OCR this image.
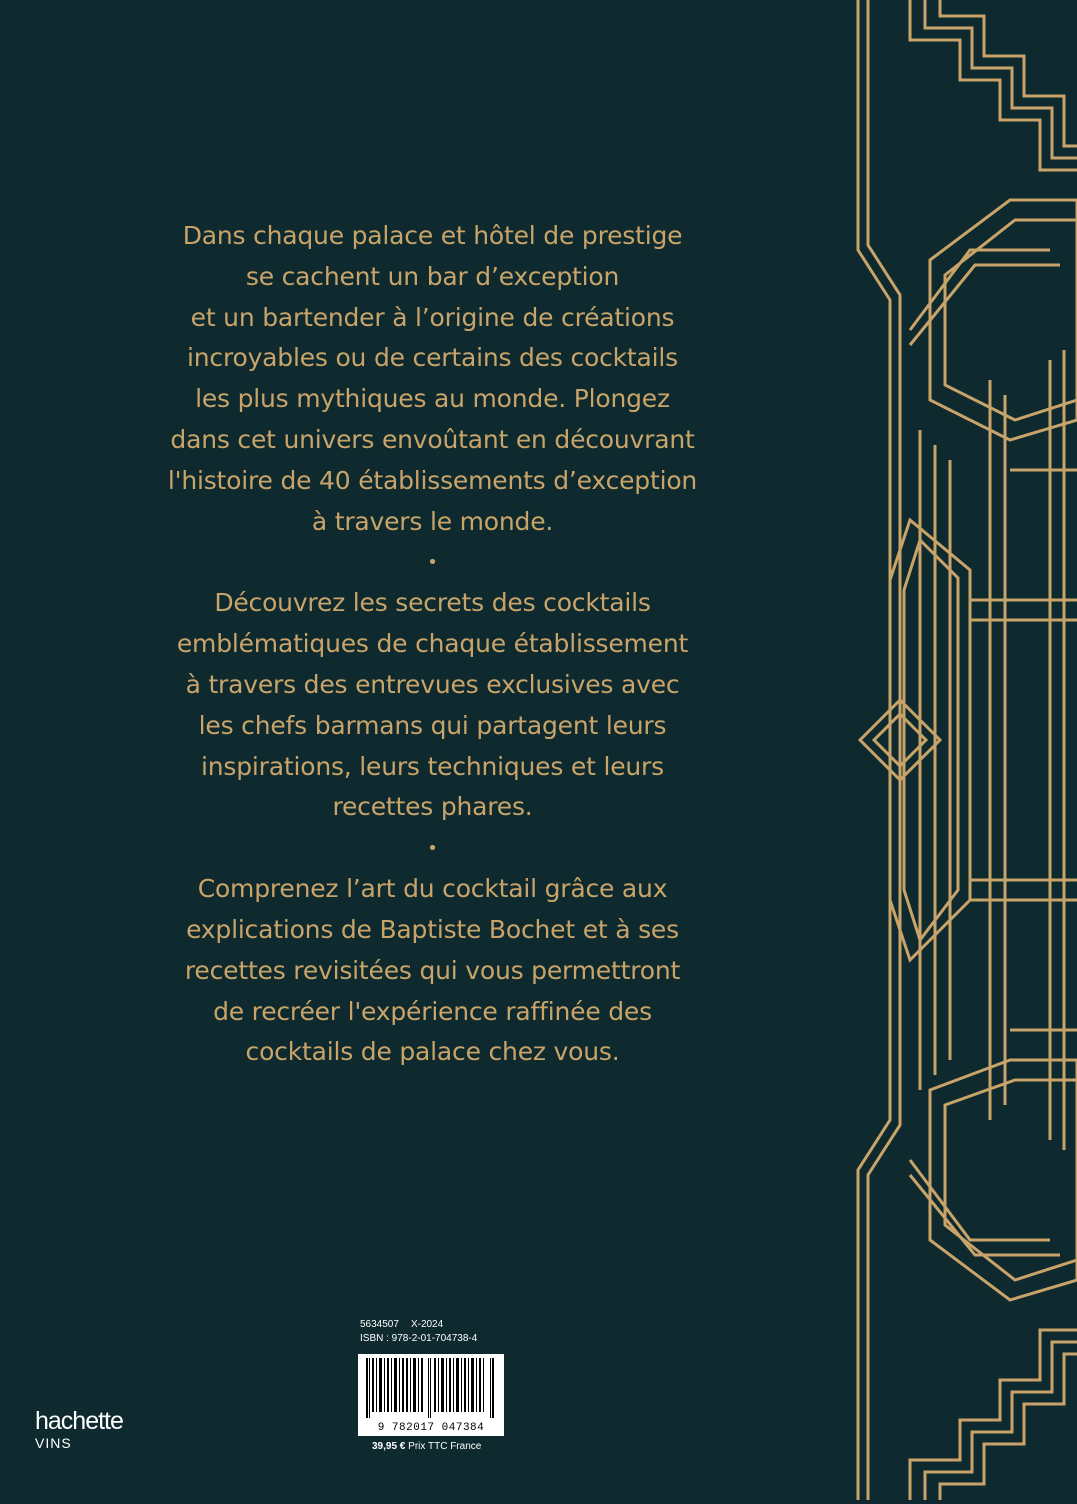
Dans chaque palace et hôtel de prestige
se cachent un bar d’exception
et un bartender à l’origine de créations
incroyables ou de certains des cocktails
les plus mythiques au monde. Plongez
dans cet univers envoûtant en découvrant
l'histoire de 40 établissements d’exception
à travers le monde.

•

Découvrez les secrets des cocktails
emblématiques de chaque établissement
à travers des entrevues exclusives avec
les chefs barmans qui partagent leurs
inspirations, leurs techniques et leurs
recettes phares.

•

Comprenez l’art du cocktail grâce aux
explications de Baptiste Bochet et à ses
recettes revisitées qui vous permettront
de recréer l'expérience raffinée des
cocktails de palace chez vous.

5634507 X-2024
ISBN : 978-2-01-704738-4
9 782017 047384
39,95 € Prix TTC France
hachette
VINS
